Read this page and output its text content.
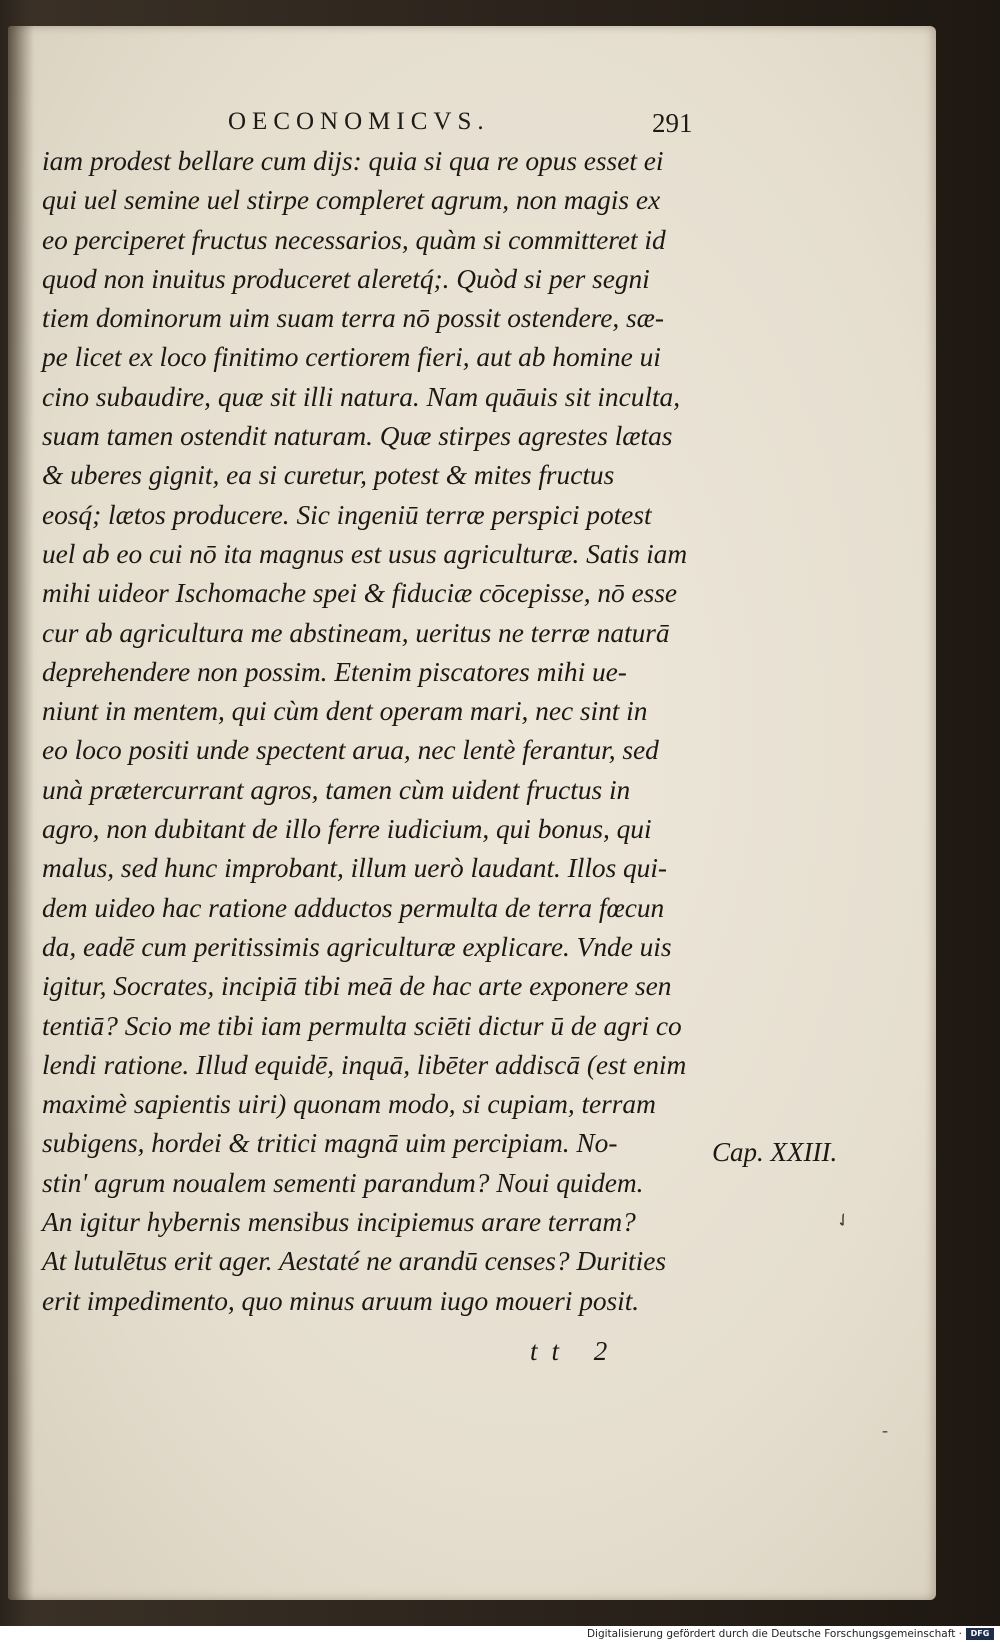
OECONOMICVS.	291
iam prodest bellare cum dijs: quia si qua re opus esset ei
qui uel semine uel stirpe compleret agrum, non magis ex
eo perciperet fructus necessarios, quàm si committeret id
quod non inuitus produceret aleretq́;. Quòd si per segni
tiem dominorum uim suam terra nō possit ostendere, sæ-
pe licet ex loco finitimo certiorem fieri, aut ab homine ui
cino subaudire, quæ sit illi natura. Nam quāuis sit inculta,
suam tamen ostendit naturam. Quæ stirpes agrestes lætas
& uberes gignit, ea si curetur, potest & mites fructus
eosq́; lætos producere. Sic ingeniū terræ perspici potest
uel ab eo cui nō ita magnus est usus agriculturæ. Satis iam
mihi uideor Ischomache spei & fiduciæ cōcepisse, nō esse
cur ab agricultura me abstineam, ueritus ne terræ naturā
deprehendere non possim. Etenim piscatores mihi ue-
niunt in mentem, qui cùm dent operam mari, nec sint in
eo loco positi unde spectent arua, nec lentè ferantur, sed
unà prætercurrant agros, tamen cùm uident fructus in
agro, non dubitant de illo ferre iudicium, qui bonus, qui
malus, sed hunc improbant, illum uerò laudant. Illos qui-
dem uideo hac ratione adductos permulta de terra fœcun
da, eadē cum peritissimis agriculturæ explicare. Vnde uis
igitur, Socrates, incipiā tibi meā de hac arte exponere sen
tentiā? Scio me tibi iam permulta sciēti dictur ū de agri co
lendi ratione. Illud equidē, inquā, libēter addiscā (est enim
maximè sapientis uiri) quonam modo, si cupiam, terram
subigens, hordei & tritici magnā uim percipiam. No-
stin' agrum noualem sementi parandum? Noui quidem.
An igitur hybernis mensibus incipiemus arare terram?
At lutulētus erit ager. Aestaté ne arandū censes? Durities
erit impedimento, quo minus aruum iugo moueri posit.
Cap. XXIII.
tt 2
✓
-
Digitalisierung gefördert durch die Deutsche Forschungsgemeinschaft ·	DFG
